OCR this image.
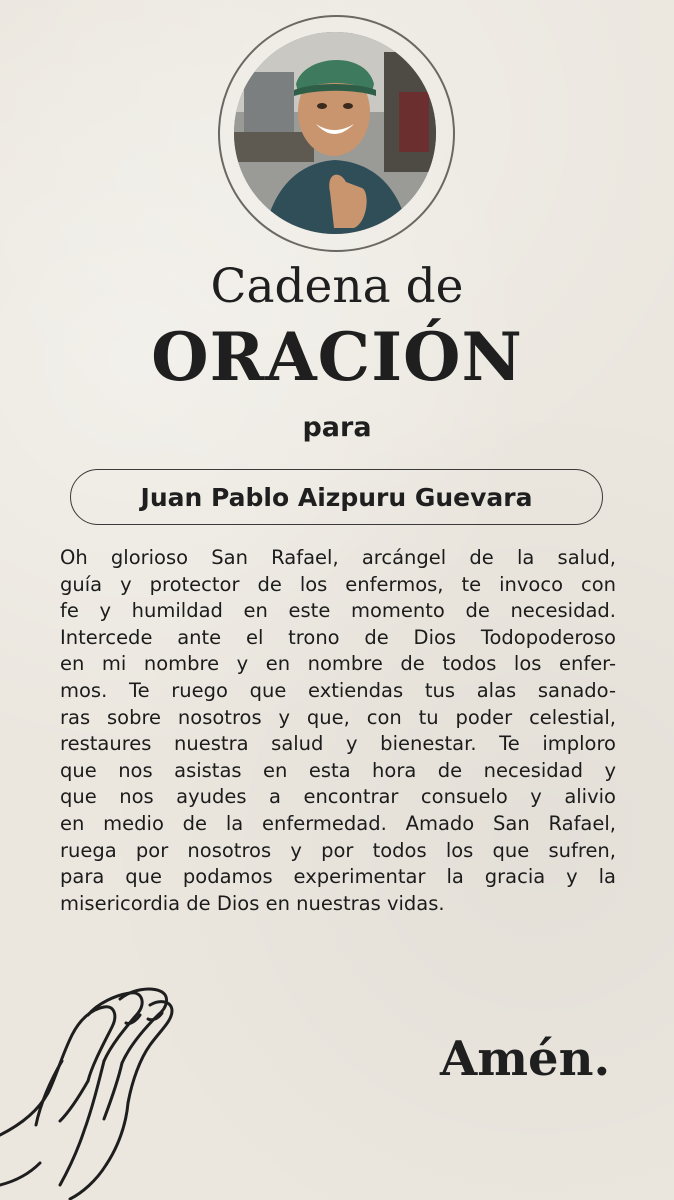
Cadena de
ORACIÓN
para
Juan Pablo Aizpuru Guevara
Oh glorioso San Rafael, arcángel de la salud,
guía y protector de los enfermos, te invoco con
fe y humildad en este momento de necesidad.
Intercede ante el trono de Dios Todopoderoso
en mi nombre y en nombre de todos los enfer-
mos. Te ruego que extiendas tus alas sanado-
ras sobre nosotros y que, con tu poder celestial,
restaures nuestra salud y bienestar. Te imploro
que nos asistas en esta hora de necesidad y
que nos ayudes a encontrar consuelo y alivio
en medio de la enfermedad. Amado San Rafael,
ruega por nosotros y por todos los que sufren,
para que podamos experimentar la gracia y la
misericordia de Dios en nuestras vidas.
Amén.
